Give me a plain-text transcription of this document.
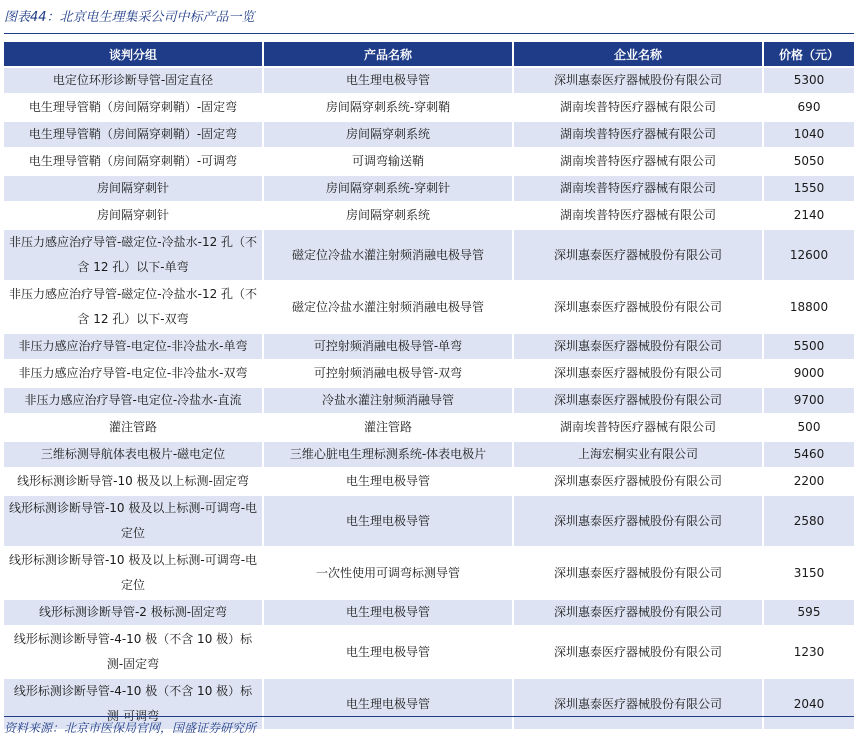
图表44：北京电生理集采公司中标产品一览
谈判分组	产品名称	企业名称	价格（元）
电定位环形诊断导管-固定直径	电生理电极导管	深圳惠泰医疗器械股份有限公司	5300
电生理导管鞘（房间隔穿刺鞘）-固定弯	房间隔穿刺系统-穿刺鞘	湖南埃普特医疗器械有限公司	690
电生理导管鞘（房间隔穿刺鞘）-固定弯	房间隔穿刺系统	湖南埃普特医疗器械有限公司	1040
电生理导管鞘（房间隔穿刺鞘）-可调弯	可调弯输送鞘	湖南埃普特医疗器械有限公司	5050
房间隔穿刺针	房间隔穿刺系统-穿刺针	湖南埃普特医疗器械有限公司	1550
房间隔穿刺针	房间隔穿刺系统	湖南埃普特医疗器械有限公司	2140
非压力感应治疗导管-磁定位-冷盐水-12 孔（不含 12 孔）以下-单弯	磁定位冷盐水灌注射频消融电极导管	深圳惠泰医疗器械股份有限公司	12600
非压力感应治疗导管-磁定位-冷盐水-12 孔（不含 12 孔）以下-双弯	磁定位冷盐水灌注射频消融电极导管	深圳惠泰医疗器械股份有限公司	18800
非压力感应治疗导管-电定位-非冷盐水-单弯	可控射频消融电极导管-单弯	深圳惠泰医疗器械股份有限公司	5500
非压力感应治疗导管-电定位-非冷盐水-双弯	可控射频消融电极导管-双弯	深圳惠泰医疗器械股份有限公司	9000
非压力感应治疗导管-电定位-冷盐水-直流	冷盐水灌注射频消融导管	深圳惠泰医疗器械股份有限公司	9700
灌注管路	灌注管路	湖南埃普特医疗器械有限公司	500
三维标测导航体表电极片-磁电定位	三维心脏电生理标测系统-体表电极片	上海宏桐实业有限公司	5460
线形标测诊断导管-10 极及以上标测-固定弯	电生理电极导管	深圳惠泰医疗器械股份有限公司	2200
线形标测诊断导管-10 极及以上标测-可调弯-电定位	电生理电极导管	深圳惠泰医疗器械股份有限公司	2580
线形标测诊断导管-10 极及以上标测-可调弯-电定位	一次性使用可调弯标测导管	深圳惠泰医疗器械股份有限公司	3150
线形标测诊断导管-2 极标测-固定弯	电生理电极导管	深圳惠泰医疗器械股份有限公司	595
线形标测诊断导管-4-10 极（不含 10 极）标测-固定弯	电生理电极导管	深圳惠泰医疗器械股份有限公司	1230
线形标测诊断导管-4-10 极（不含 10 极）标测-可调弯	电生理电极导管	深圳惠泰医疗器械股份有限公司	2040
资料来源：北京市医保局官网，国盛证券研究所
